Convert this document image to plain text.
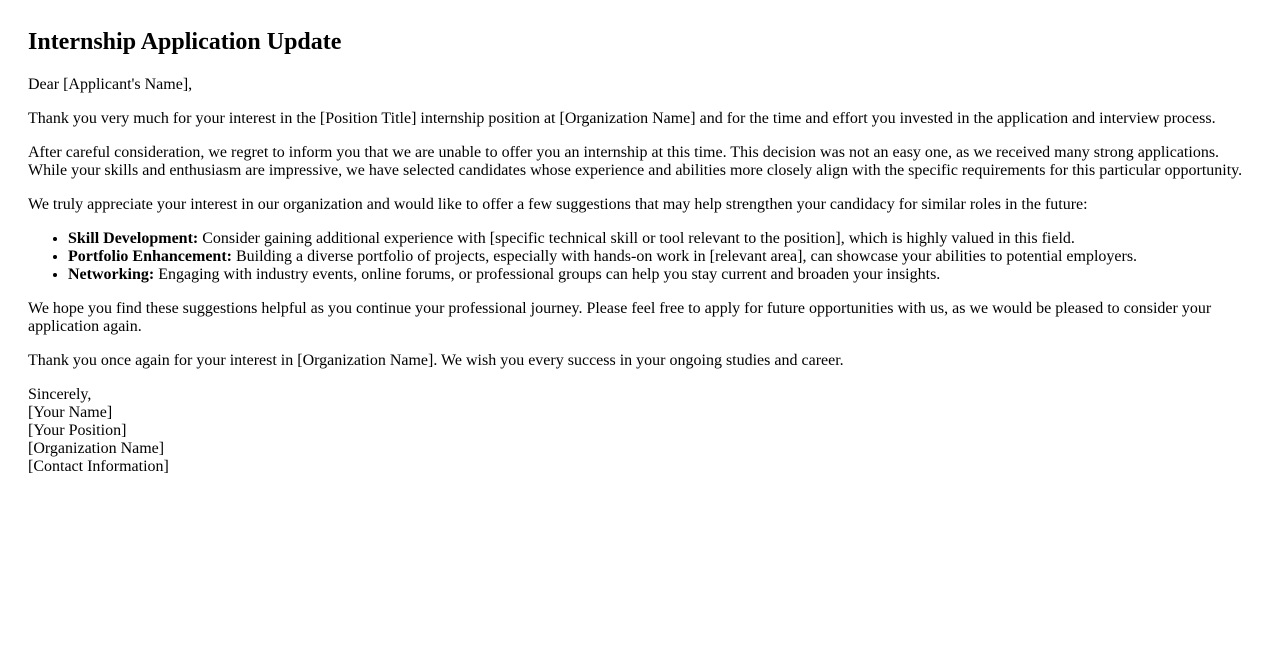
Internship Application Update

Dear [Applicant's Name],

Thank you very much for your interest in the [Position Title] internship position at [Organization Name] and for the time and effort you invested in the application and interview process.

After careful consideration, we regret to inform you that we are unable to offer you an internship at this time. This decision was not an easy one, as we received many strong applications. While your skills and enthusiasm are impressive, we have selected candidates whose experience and abilities more closely align with the specific requirements for this particular opportunity.

We truly appreciate your interest in our organization and would like to offer a few suggestions that may help strengthen your candidacy for similar roles in the future:

• Skill Development: Consider gaining additional experience with [specific technical skill or tool relevant to the position], which is highly valued in this field.
• Portfolio Enhancement: Building a diverse portfolio of projects, especially with hands-on work in [relevant area], can showcase your abilities to potential employers.
• Networking: Engaging with industry events, online forums, or professional groups can help you stay current and broaden your insights.

We hope you find these suggestions helpful as you continue your professional journey. Please feel free to apply for future opportunities with us, as we would be pleased to consider your application again.

Thank you once again for your interest in [Organization Name]. We wish you every success in your ongoing studies and career.

Sincerely,
[Your Name]
[Your Position]
[Organization Name]
[Contact Information]
